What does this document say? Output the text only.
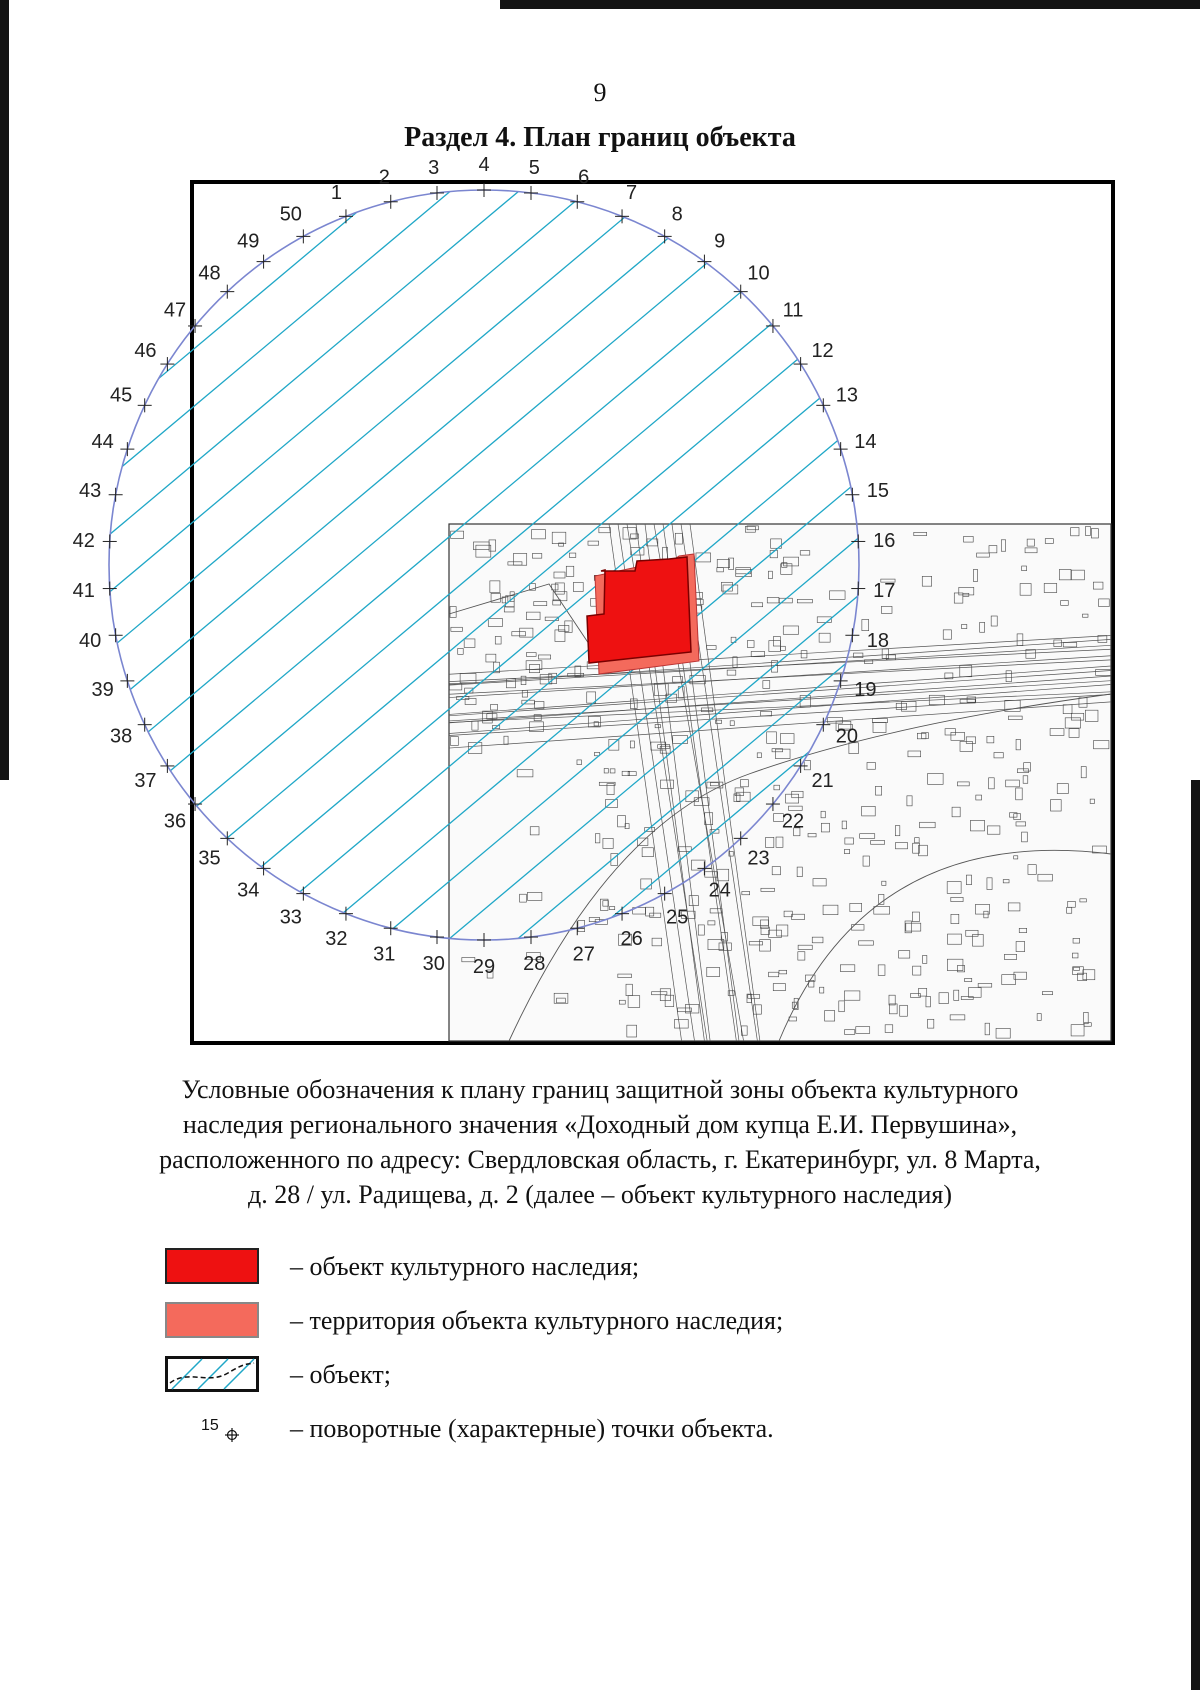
9
Раздел 4. План границ объекта
1
2 3 4 5 6
7
8
9
10
11
12
13
14
15
16
17
18
19
20
21
22
23
24
25
26
27
28
29
30
31
32
33
34
35
36
37
38
39
40
41
42
43
44
45
46
47
48
49
50
Условные обозначения к плану границ защитной зоны объекта культурного
наследия регионального значения «Доходный дом купца Е.И. Первушина»,
расположенного по адресу: Свердловская область, г. Екатеринбург, ул. 8 Марта,
д. 28 / ул. Радищева, д. 2 (далее – объект культурного наследия)
– объект культурного наследия;
– территория объекта культурного наследия;
– объект;
15	– поворотные (характерные) точки объекта.
